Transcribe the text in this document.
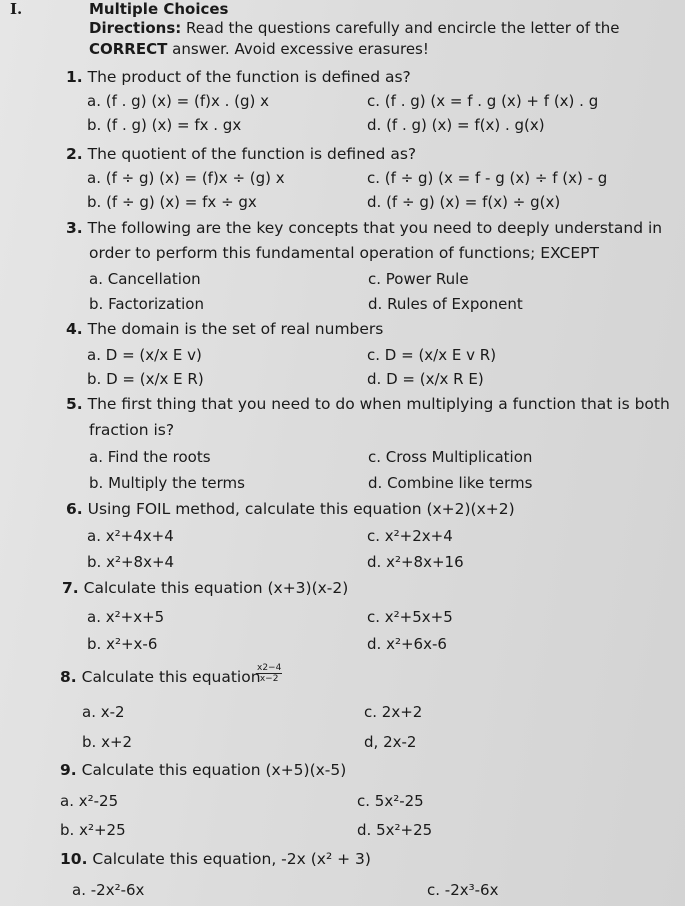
I.	Multiple Choices
Directions: Read the questions carefully and encircle the letter of the
CORRECT answer. Avoid excessive erasures!
1. The product of the function is defined as?
a. (f . g) (x) = (f)x . (g) x
b. (f . g) (x) = fx . gx
c. (f . g) (x = f . g (x) + f (x) . g
d. (f . g) (x) = f(x) . g(x)
2. The quotient of the function is defined as?
a. (f ÷ g) (x) = (f)x ÷ (g) x
b. (f ÷ g) (x) = fx ÷ gx
c. (f ÷ g) (x = f - g (x) ÷ f (x) - g
d. (f ÷ g) (x) = f(x) ÷ g(x)
3. The following are the key concepts that you need to deeply understand in
order to perform this fundamental operation of functions; EXCEPT
a. Cancellation
b. Factorization
c. Power Rule
d. Rules of Exponent
4. The domain is the set of real numbers
a. D = (x/x E v)
b. D = (x/x E R)
c. D = (x/x E v R)
d. D = (x/x R E)
5. The first thing that you need to do when multiplying a function that is both
fraction is?
a. Find the roots
b. Multiply the terms
c. Cross Multiplication
d. Combine like terms
6. Using FOIL method, calculate this equation (x+2)(x+2)
a. x²+4x+4
b. x²+8x+4
c. x²+2x+4
d. x²+8x+16
7. Calculate this equation (x+3)(x-2)
a. x²+x+5
b. x²+x-6
c. x²+5x+5
d. x²+6x-6
8. Calculate this equation
$\frac{x2-4}{x-2}$
a. x-2
b. x+2
c. 2x+2
d, 2x-2
9. Calculate this equation (x+5)(x-5)
a. x²-25
b. x²+25
c. 5x²-25
d. 5x²+25
10. Calculate this equation, -2x (x² + 3)
a. -2x²-6x	c. -2x³-6x
